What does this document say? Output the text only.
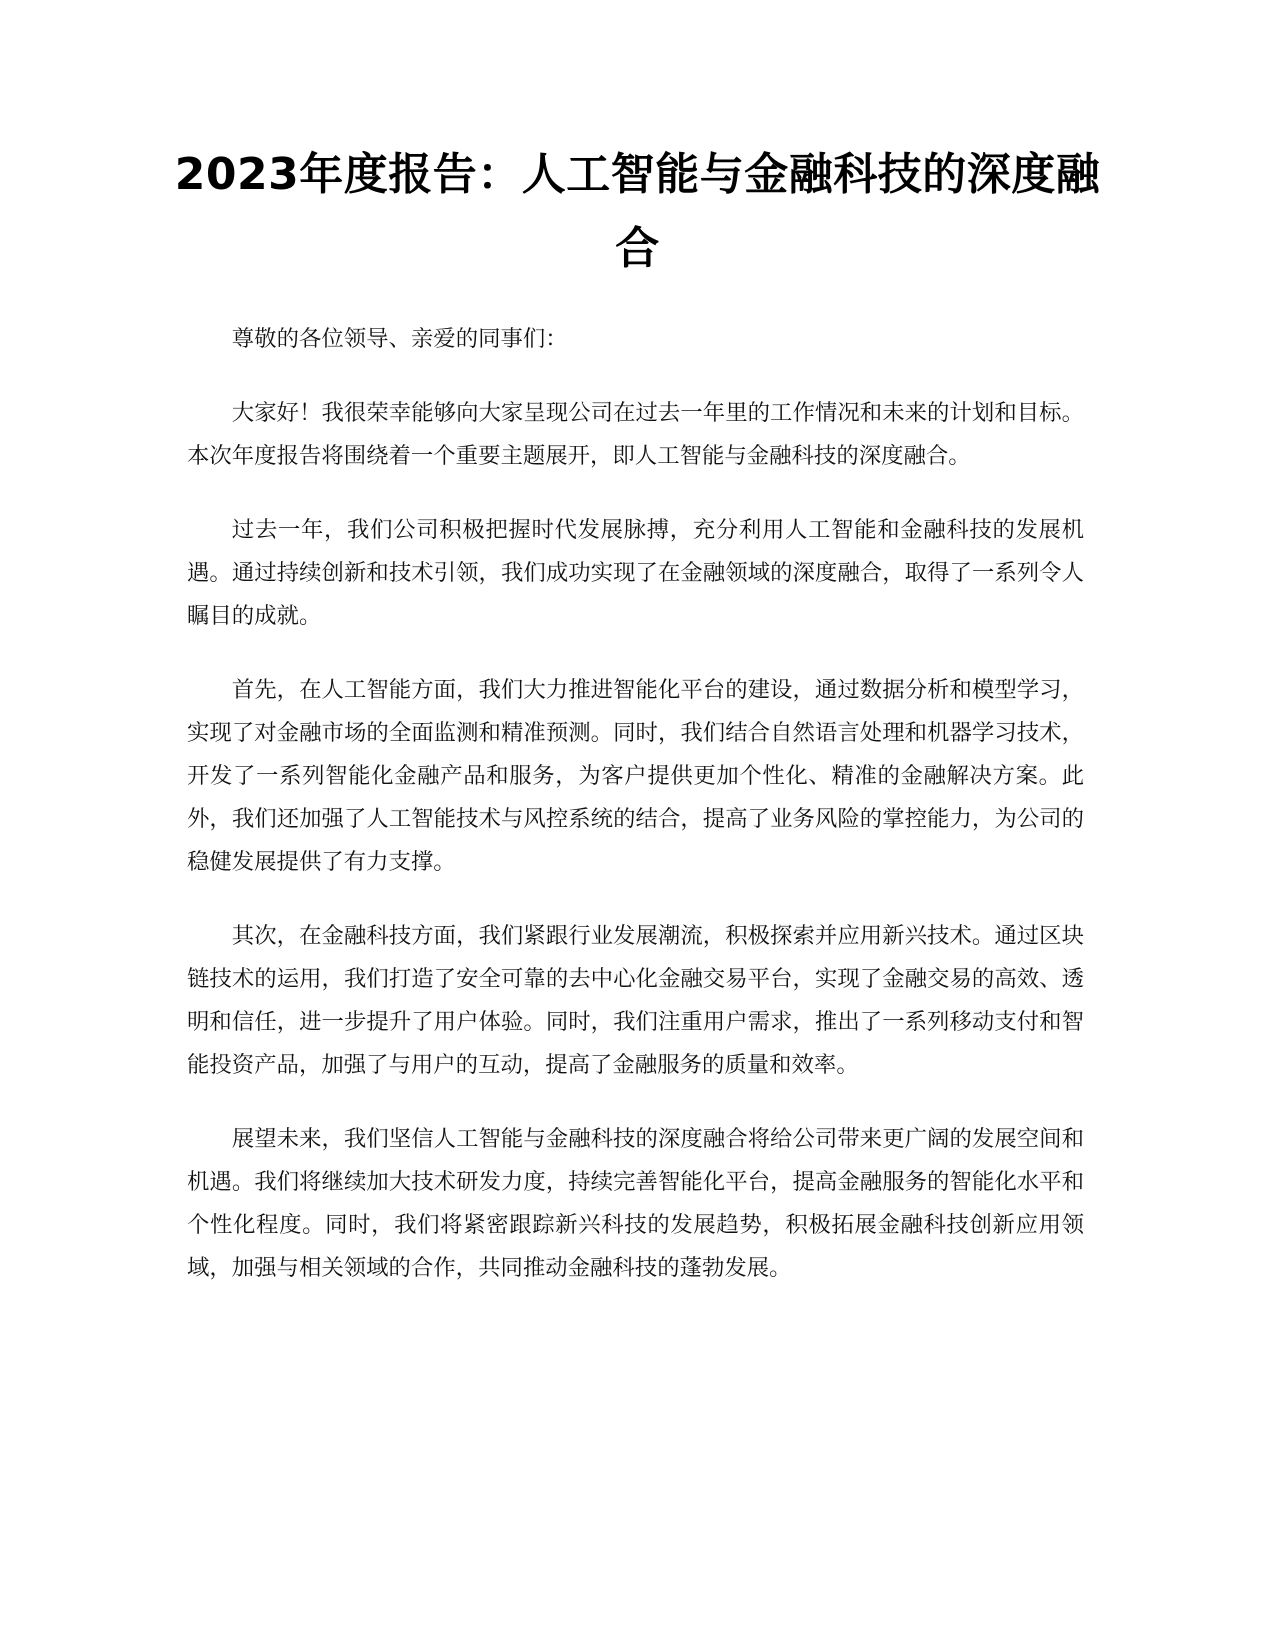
2023年度报告：人工智能与金融科技的深度融合

尊敬的各位领导、亲爱的同事们：

大家好！我很荣幸能够向大家呈现公司在过去一年里的工作情况和未来的计划和目标。本次年度报告将围绕着一个重要主题展开，即人工智能与金融科技的深度融合。

过去一年，我们公司积极把握时代发展脉搏，充分利用人工智能和金融科技的发展机遇。通过持续创新和技术引领，我们成功实现了在金融领域的深度融合，取得了一系列令人瞩目的成就。

首先，在人工智能方面，我们大力推进智能化平台的建设，通过数据分析和模型学习，实现了对金融市场的全面监测和精准预测。同时，我们结合自然语言处理和机器学习技术，开发了一系列智能化金融产品和服务，为客户提供更加个性化、精准的金融解决方案。此外，我们还加强了人工智能技术与风控系统的结合，提高了业务风险的掌控能力，为公司的稳健发展提供了有力支撑。

其次，在金融科技方面，我们紧跟行业发展潮流，积极探索并应用新兴技术。通过区块链技术的运用，我们打造了安全可靠的去中心化金融交易平台，实现了金融交易的高效、透明和信任，进一步提升了用户体验。同时，我们注重用户需求，推出了一系列移动支付和智能投资产品，加强了与用户的互动，提高了金融服务的质量和效率。

展望未来，我们坚信人工智能与金融科技的深度融合将给公司带来更广阔的发展空间和机遇。我们将继续加大技术研发力度，持续完善智能化平台，提高金融服务的智能化水平和个性化程度。同时，我们将紧密跟踪新兴科技的发展趋势，积极拓展金融科技创新应用领域，加强与相关领域的合作，共同推动金融科技的蓬勃发展。
